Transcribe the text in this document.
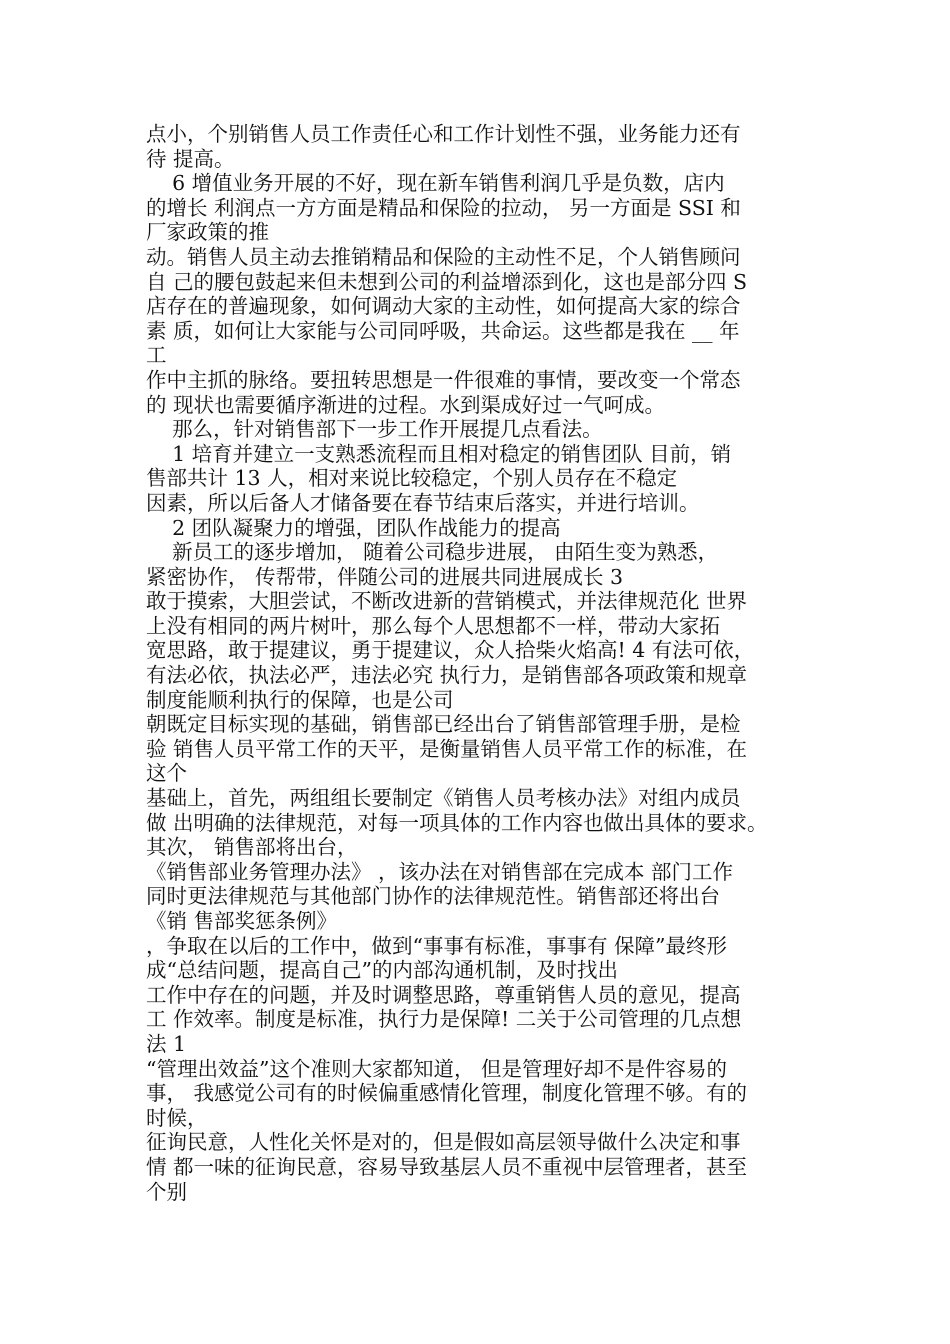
点小，个别销售人员工作责任心和工作计划性不强，业务能力还有
待 提高。
6 增值业务开展的不好，现在新车销售利润几乎是负数，店内
的增长 利润点一方方面是精品和保险的拉动， 另一方面是 SSI 和
厂家政策的推
动。销售人员主动去推销精品和保险的主动性不足，个人销售顾问
自 己的腰包鼓起来但未想到公司的利益增添到化，这也是部分四 S
店存在的普遍现象，如何调动大家的主动性，如何提高大家的综合
素 质，如何让大家能与公司同呼吸，共命运。这些都是我在 __ 年
工
作中主抓的脉络。要扭转思想是一件很难的事情，要改变一个常态
的 现状也需要循序渐进的过程。水到渠成好过一气呵成。
那么，针对销售部下一步工作开展提几点看法。
1 培育并建立一支熟悉流程而且相对稳定的销售团队 目前，销
售部共计 13 人，相对来说比较稳定，个别人员存在不稳定
因素，所以后备人才储备要在春节结束后落实，并进行培训。
2 团队凝聚力的增强，团队作战能力的提高
新员工的逐步增加， 随着公司稳步进展， 由陌生变为熟悉，
紧密协作， 传帮带，伴随公司的进展共同进展成长 3
敢于摸索，大胆尝试，不断改进新的营销模式，并法律规范化 世界
上没有相同的两片树叶，那么每个人思想都不一样，带动大家拓
宽思路，敢于提建议，勇于提建议，众人拾柴火焰高! 4 有法可依，
有法必依，执法必严，违法必究 执行力，是销售部各项政策和规章
制度能顺利执行的保障，也是公司
朝既定目标实现的基础，销售部已经出台了销售部管理手册，是检
验 销售人员平常工作的天平，是衡量销售人员平常工作的标准，在
这个
基础上，首先，两组组长要制定《销售人员考核办法》对组内成员
做 出明确的法律规范，对每一项具体的工作内容也做出具体的要求。
其次， 销售部将出台，
《销售部业务管理办法》 ，该办法在对销售部在完成本 部门工作
同时更法律规范与其他部门协作的法律规范性。销售部还将出台
《销 售部奖惩条例》
，争取在以后的工作中，做到“事事有标准，事事有 保障”最终形
成“总结问题，提高自己”的内部沟通机制，及时找出
工作中存在的问题，并及时调整思路，尊重销售人员的意见，提高
工 作效率。制度是标准，执行力是保障! 二关于公司管理的几点想
法 1
“管理出效益”这个准则大家都知道， 但是管理好却不是件容易的
事， 我感觉公司有的时候偏重感情化管理，制度化管理不够。有的
时候，
征询民意，人性化关怀是对的，但是假如高层领导做什么决定和事
情 都一味的征询民意，容易导致基层人员不重视中层管理者，甚至
个别
